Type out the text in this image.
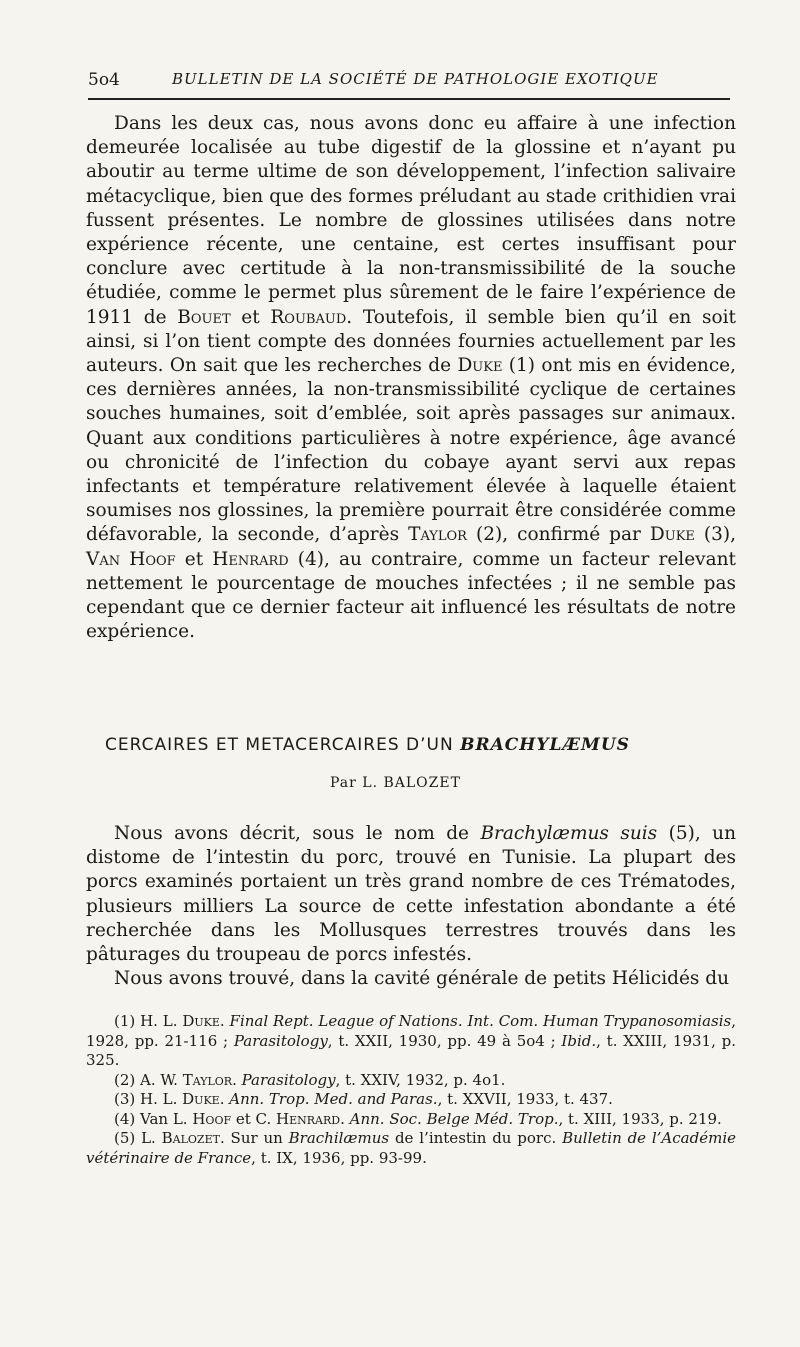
5o4	BULLETIN DE LA SOCIÉTÉ DE PATHOLOGIE EXOTIQUE

Dans les deux cas, nous avons donc eu affaire à une infection demeurée localisée au tube digestif de la glossine et n’ayant pu aboutir au terme ultime de son développement, l’infection salivaire métacyclique, bien que des formes préludant au stade crithidien vrai fussent présentes. Le nombre de glossines utilisées dans notre expérience récente, une centaine, est certes insuffisant pour conclure avec certitude à la non-transmissibilité de la souche étudiée, comme le permet plus sûrement de le faire l’expérience de 1911 de Bouet et Roubaud. Toutefois, il semble bien qu’il en soit ainsi, si l’on tient compte des données fournies actuellement par les auteurs. On sait que les recherches de Duke (1) ont mis en évidence, ces dernières années, la non-transmissibilité cyclique de certaines souches humaines, soit d’emblée, soit après passages sur animaux. Quant aux conditions particulières à notre expérience, âge avancé ou chronicité de l’infection du cobaye ayant servi aux repas infectants et température relativement élevée à laquelle étaient soumises nos glossines, la première pourrait être considérée comme défavorable, la seconde, d’après Taylor (2), confirmé par Duke (3), Van Hoof et Henrard (4), au contraire, comme un facteur relevant nettement le pourcentage de mouches infectées ; il ne semble pas cependant que ce dernier facteur ait influencé les résultats de notre expérience.

CERCAIRES ET METACERCAIRES D’UN BRACHYLÆMUS
Par L. BALOZET

Nous avons décrit, sous le nom de Brachylæmus suis (5), un distome de l’intestin du porc, trouvé en Tunisie. La plupart des porcs examinés portaient un très grand nombre de ces Trématodes, plusieurs milliers La source de cette infestation abondante a été recherchée dans les Mollusques terrestres trouvés dans les pâturages du troupeau de porcs infestés.

Nous avons trouvé, dans la cavité générale de petits Hélicidés du

(1) H. L. Duke. Final Rept. League of Nations. Int. Com. Human Trypanosomiasis, 1928, pp. 21-116 ; Parasitology, t. XXII, 1930, pp. 49 à 5o4 ; Ibid., t. XXIII, 1931, p. 325.

(2) A. W. Taylor. Parasitology, t. XXIV, 1932, p. 4o1.

(3) H. L. Duke. Ann. Trop. Med. and Paras., t. XXVII, 1933, t. 437.

(4) Van L. Hoof et C. Henrard. Ann. Soc. Belge Méd. Trop., t. XIII, 1933, p. 219.

(5) L. Balozet. Sur un Brachilæmus de l’intestin du porc. Bulletin de l’Académie vétérinaire de France, t. IX, 1936, pp. 93-99.
